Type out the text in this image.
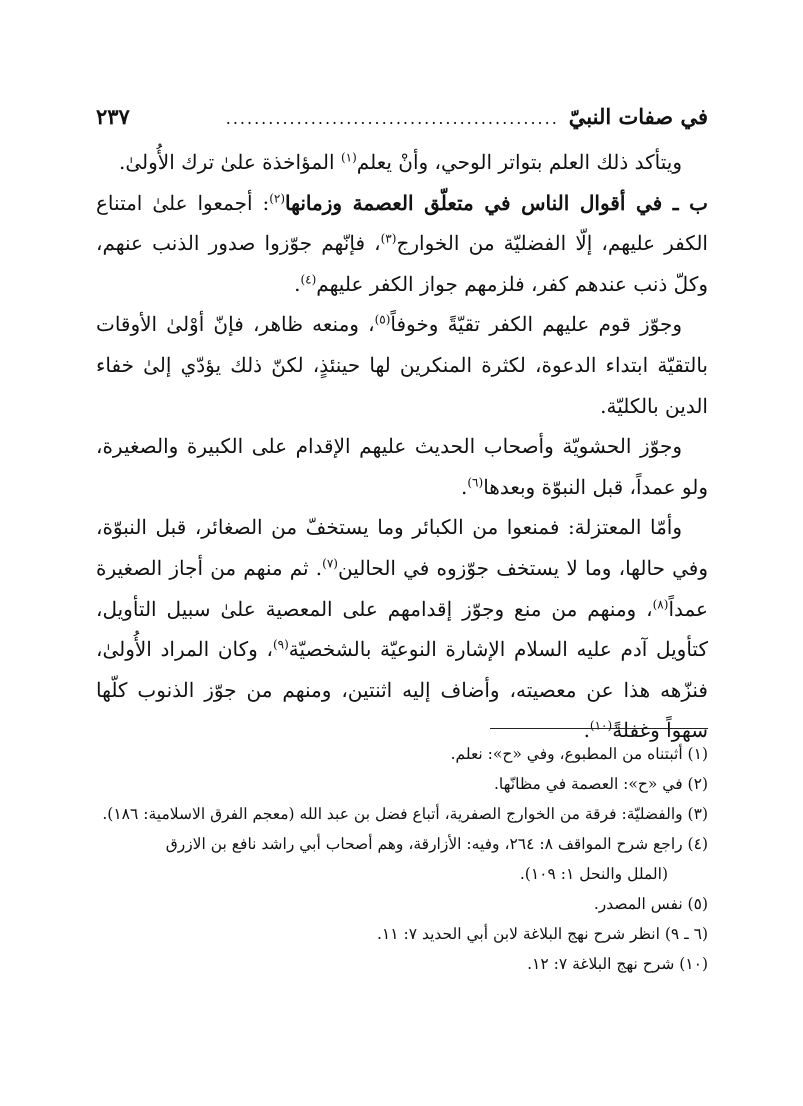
في صفات النبيّ
...............................................
٢٣٧

ويتأكد ذلك العلم بتواتر الوحي، وأنْ يعلم$^{(١)}$ المؤاخذة علىٰ ترك الأُولىٰ.

ب ـ في أقوال الناس في متعلّق العصمة وزمانها$^{(٢)}$: أجمعوا علىٰ امتناع الكفر عليهم، إلّا الفضليّة من الخوارج$^{(٣)}$، فإنّهم جوّزوا صدور الذنب عنهم، وكلّ ذنب عندهم كفر، فلزمهم جواز الكفر عليهم$^{(٤)}$.

وجوّز قوم عليهم الكفر تقيّةً وخوفاً$^{(٥)}$، ومنعه ظاهر، فإنّ أوْلىٰ الأوقات بالتقيّة ابتداء الدعوة، لكثرة المنكرين لها حينئذٍ، لكنّ ذلك يؤدّي إلىٰ خفاء الدين بالكليّة.

وجوّز الحشويّة وأصحاب الحديث عليهم الإقدام على الكبيرة والصغيرة، ولو عمداً، قبل النبوّة وبعدها$^{(٦)}$.

وأمّا المعتزلة: فمنعوا من الكبائر وما يستخفّ من الصغائر، قبل النبوّة، وفي حالها، وما لا يستخف جوّزوه في الحالين$^{(٧)}$. ثم منهم من أجاز الصغيرة عمداً$^{(٨)}$، ومنهم من منع وجوّز إقدامهم على المعصية علىٰ سبيل التأويل، كتأويل آدم عليه السلام الإشارة النوعيّة بالشخصيّة$^{(٩)}$، وكان المراد الأُولىٰ، فنزّهه هذا عن معصيته، وأضاف إليه اثنتين، ومنهم من جوّز الذنوب كلّها سهواً وغفلةً$^{(١٠)}$.

(١) أثبتناه من المطبوع، وفي «ح»: نعلم.

(٢) في «ح»: العصمة في مظانّها.

(٣) والفضليّة: فرقة من الخوارج الصفرية، أتباع فضل بن عبد الله (معجم الفرق الاسلامية: ١٨٦).

(٤) راجع شرح المواقف ٨: ٢٦٤، وفيه: الأزارقة، وهم أصحاب أبي راشد نافع بن الازرق

(الملل والنحل ١: ١٠٩).

(٥) نفس المصدر.

(٦ ـ ٩) انظر شرح نهج البلاغة لابن أبي الحديد ٧: ١١.

(١٠) شرح نهج البلاغة ٧: ١٢.
